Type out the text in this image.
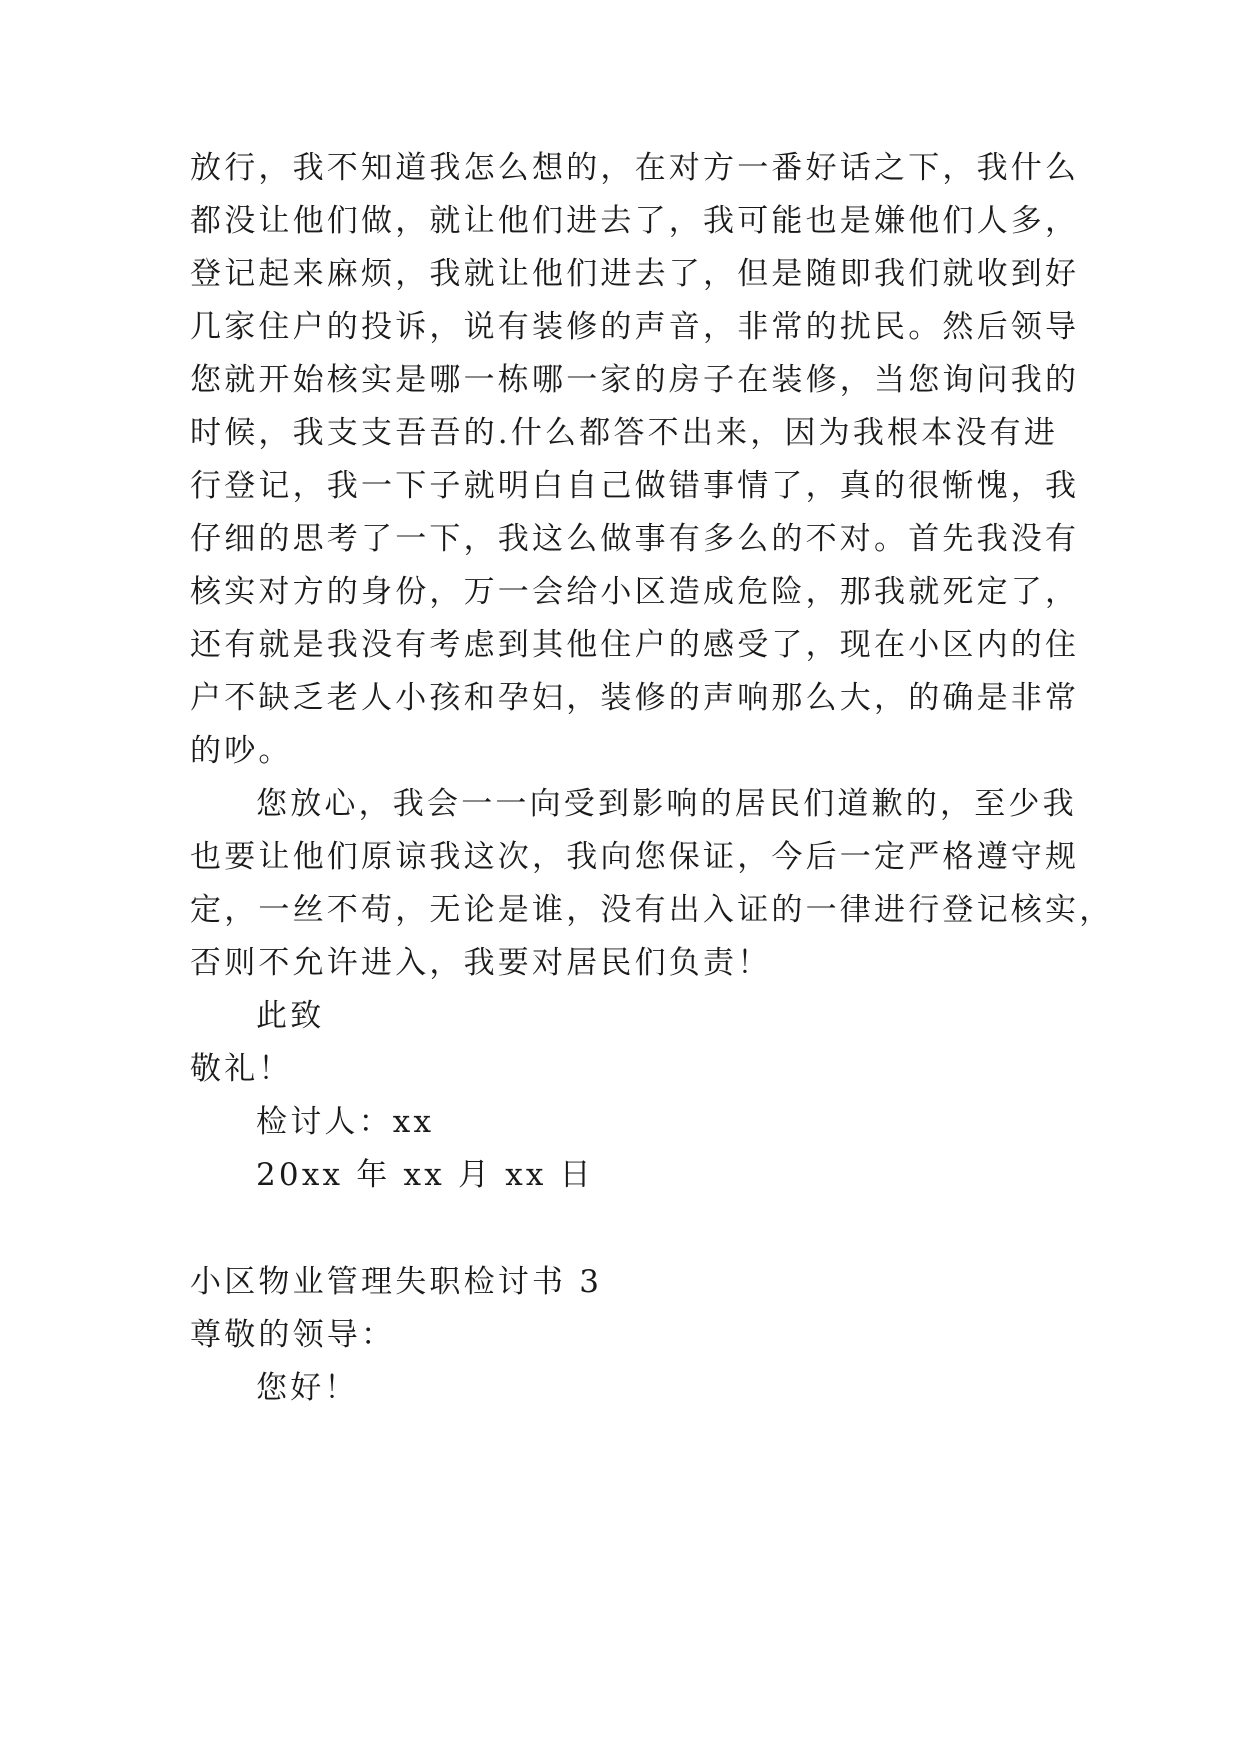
放行，我不知道我怎么想的，在对方一番好话之下，我什么
都没让他们做，就让他们进去了，我可能也是嫌他们人多，
登记起来麻烦，我就让他们进去了，但是随即我们就收到好
几家住户的投诉，说有装修的声音，非常的扰民。然后领导
您就开始核实是哪一栋哪一家的房子在装修，当您询问我的
时候，我支支吾吾的.什么都答不出来，因为我根本没有进
行登记，我一下子就明白自己做错事情了，真的很惭愧，我
仔细的思考了一下，我这么做事有多么的不对。首先我没有
核实对方的身份，万一会给小区造成危险，那我就死定了，
还有就是我没有考虑到其他住户的感受了，现在小区内的住
户不缺乏老人小孩和孕妇，装修的声响那么大，的确是非常
的吵。
您放心，我会一一向受到影响的居民们道歉的，至少我
也要让他们原谅我这次，我向您保证，今后一定严格遵守规
定，一丝不苟，无论是谁，没有出入证的一律进行登记核实，
否则不允许进入，我要对居民们负责！
此致
敬礼！
检讨人：xx
20xx 年 xx 月 xx 日
小区物业管理失职检讨书 3
尊敬的领导：
您好！
